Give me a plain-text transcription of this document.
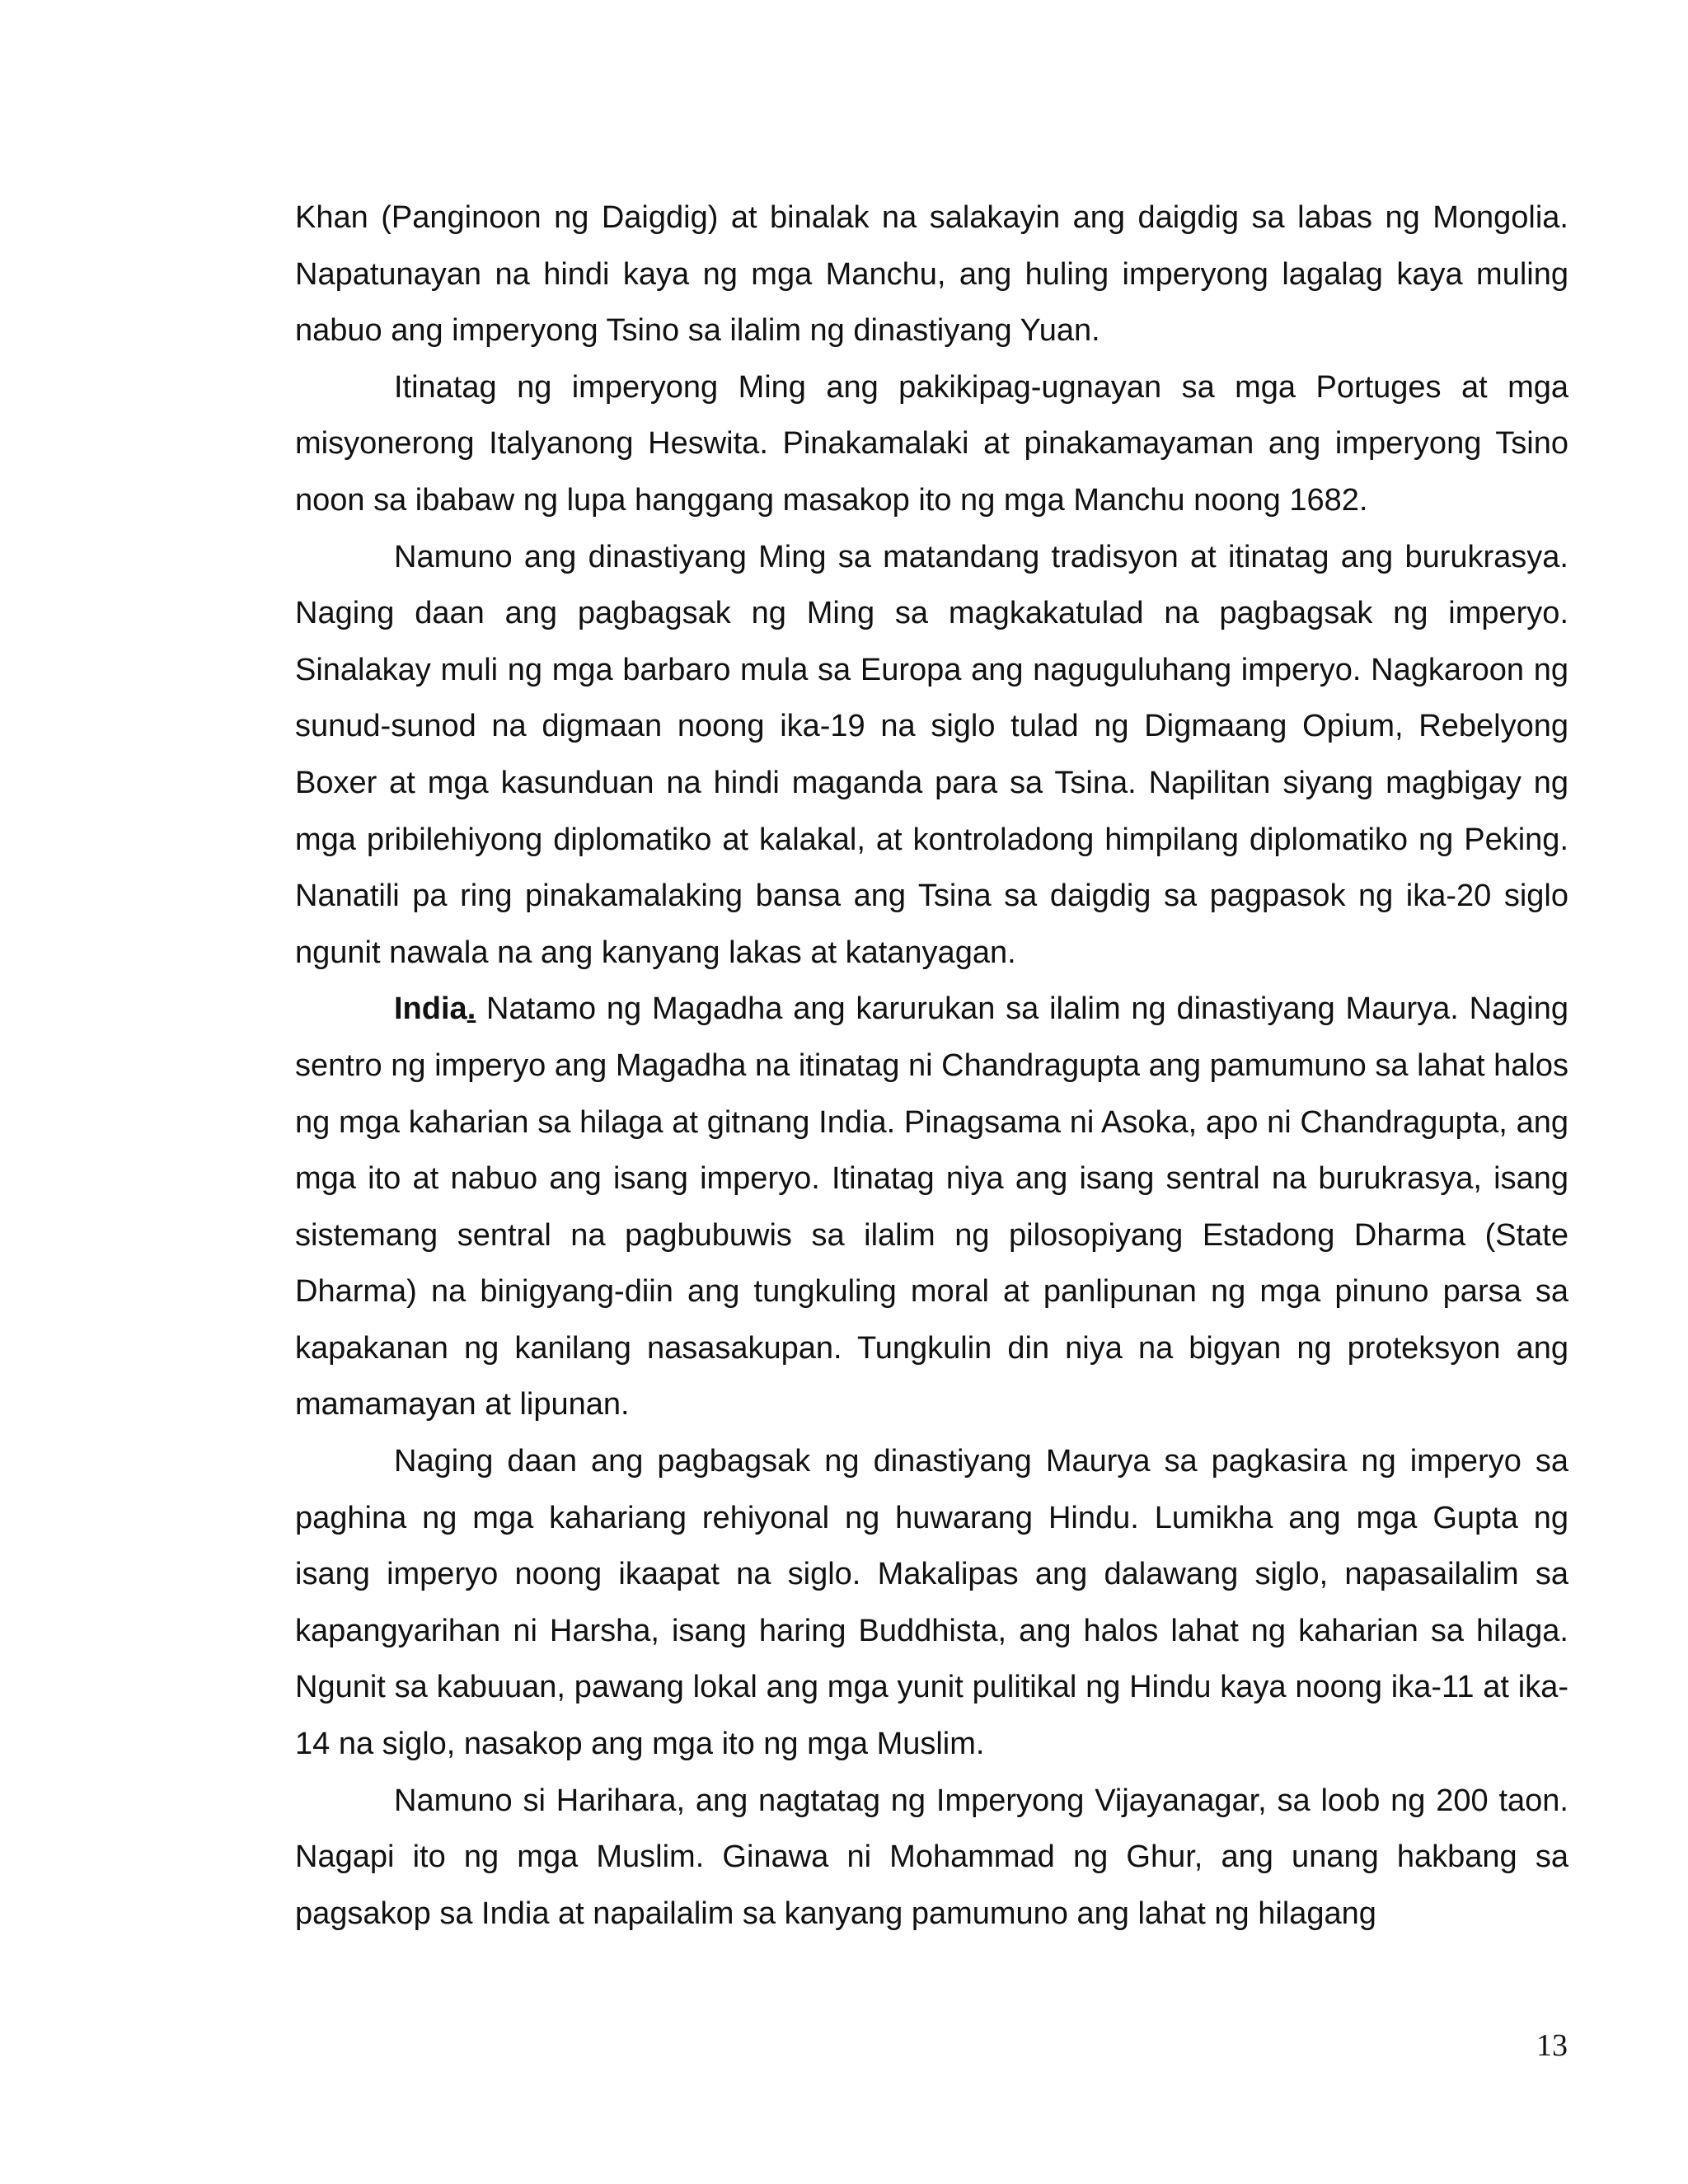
Khan (Panginoon ng Daigdig) at binalak na salakayin ang daigdig sa labas ng Mongolia. Napatunayan na hindi kaya ng mga Manchu, ang huling imperyong lagalag kaya muling nabuo ang imperyong Tsino sa ilalim ng dinastiyang Yuan.

Itinatag ng imperyong Ming ang pakikipag-ugnayan sa mga Portuges at mga misyonerong Italyanong Heswita. Pinakamalaki at pinakamayaman ang imperyong Tsino noon sa ibabaw ng lupa hanggang masakop ito ng mga Manchu noong 1682.

Namuno ang dinastiyang Ming sa matandang tradisyon at itinatag ang burukrasya. Naging daan ang pagbagsak ng Ming sa magkakatulad na pagbagsak ng imperyo. Sinalakay muli ng mga barbaro mula sa Europa ang naguguluhang imperyo. Nagkaroon ng sunud-sunod na digmaan noong ika-19 na siglo tulad ng Digmaang Opium, Rebelyong Boxer at mga kasunduan na hindi maganda para sa Tsina. Napilitan siyang magbigay ng mga pribilehiyong diplomatiko at kalakal, at kontroladong himpilang diplomatiko ng Peking. Nanatili pa ring pinakamalaking bansa ang Tsina sa daigdig sa pagpasok ng ika-20 siglo ngunit nawala na ang kanyang lakas at katanyagan.

India. Natamo ng Magadha ang karurukan sa ilalim ng dinastiyang Maurya. Naging sentro ng imperyo ang Magadha na itinatag ni Chandragupta ang pamumuno sa lahat halos ng mga kaharian sa hilaga at gitnang India. Pinagsama ni Asoka, apo ni Chandragupta, ang mga ito at nabuo ang isang imperyo. Itinatag niya ang isang sentral na burukrasya, isang sistemang sentral na pagbubuwis sa ilalim ng pilosopiyang Estadong Dharma (State Dharma) na binigyang-diin ang tungkuling moral at panlipunan ng mga pinuno parsa sa kapakanan ng kanilang nasasakupan. Tungkulin din niya na bigyan ng proteksyon ang mamamayan at lipunan.

Naging daan ang pagbagsak ng dinastiyang Maurya sa pagkasira ng imperyo sa paghina ng mga kahariang rehiyonal ng huwarang Hindu. Lumikha ang mga Gupta ng isang imperyo noong ikaapat na siglo. Makalipas ang dalawang siglo, napasailalim sa kapangyarihan ni Harsha, isang haring Buddhista, ang halos lahat ng kaharian sa hilaga. Ngunit sa kabuuan, pawang lokal ang mga yunit pulitikal ng Hindu kaya noong ika-11 at ika-14 na siglo, nasakop ang mga ito ng mga Muslim.

Namuno si Harihara, ang nagtatag ng Imperyong Vijayanagar, sa loob ng 200 taon. Nagapi ito ng mga Muslim. Ginawa ni Mohammad ng Ghur, ang unang hakbang sa pagsakop sa India at napailalim sa kanyang pamumuno ang lahat ng hilagang

13
